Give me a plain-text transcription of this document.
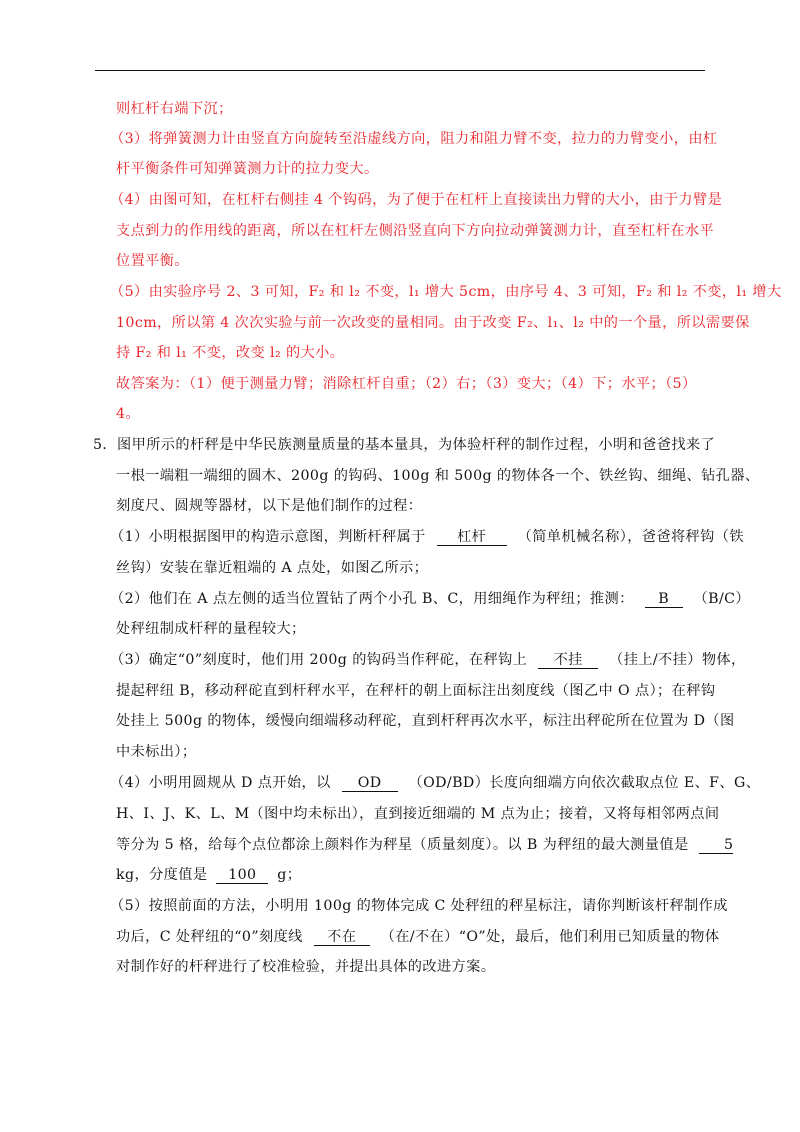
则杠杆右端下沉；
（3）将弹簧测力计由竖直方向旋转至沿虚线方向，阻力和阻力臂不变，拉力的力臂变小，由杠
杆平衡条件可知弹簧测力计的拉力变大。
（4）由图可知，在杠杆右侧挂 4 个钩码，为了便于在杠杆上直接读出力臂的大小，由于力臂是
支点到力的作用线的距离，所以在杠杆左侧沿竖直向下方向拉动弹簧测力计，直至杠杆在水平
位置平衡。
（5）由实验序号 2、3 可知，F₂ 和 l₂ 不变，l₁ 增大 5cm，由序号 4、3 可知，F₂ 和 l₂ 不变，l₁ 增大
10cm，所以第 4 次次实验与前一次改变的量相同。由于改变 F₂、l₁、l₂ 中的一个量，所以需要保
持 F₂ 和 l₁ 不变，改变 l₂ 的大小。
故答案为：（1）便于测量力臂；消除杠杆自重；（2）右；（3）变大；（4）下；水平；（5）
4。
5．图甲所示的杆秤是中华民族测量质量的基本量具，为体验杆秤的制作过程，小明和爸爸找来了
一根一端粗一端细的圆木、200g 的钩码、100g 和 500g 的物体各一个、铁丝钩、细绳、钻孔器、
刻度尺、圆规等器材，以下是他们制作的过程：
（1）小明根据图甲的构造示意图，判断杆秤属于 杠杆 （简单机械名称），爸爸将秤钩（铁
丝钩）安装在靠近粗端的 A 点处，如图乙所示；
（2）他们在 A 点左侧的适当位置钻了两个小孔 B、C，用细绳作为秤纽；推测： B （B/C）
处秤纽制成杆秤的量程较大；
（3）确定“0”刻度时，他们用 200g 的钩码当作秤砣，在秤钩上 不挂 （挂上/不挂）物体，
提起秤纽 B，移动秤砣直到杆秤水平，在秤杆的朝上面标注出刻度线（图乙中 O 点）；在秤钩
处挂上 500g 的物体，缓慢向细端移动秤砣，直到杆秤再次水平，标注出秤砣所在位置为 D（图
中未标出）；
（4）小明用圆规从 D 点开始，以 OD （OD/BD）长度向细端方向依次截取点位 E、F、G、
H、I、J、K、L、M（图中均未标出），直到接近细端的 M 点为止；接着，又将每相邻两点间
等分为 5 格，给每个点位都涂上颜料作为秤星（质量刻度）。以 B 为秤纽的最大测量值是 5
kg，分度值是 100 g；
（5）按照前面的方法，小明用 100g 的物体完成 C 处秤纽的秤星标注，请你判断该杆秤制作成
功后，C 处秤纽的“0”刻度线 不在 （在/不在）“O”处，最后，他们利用已知质量的物体
对制作好的杆秤进行了校准检验，并提出具体的改进方案。
